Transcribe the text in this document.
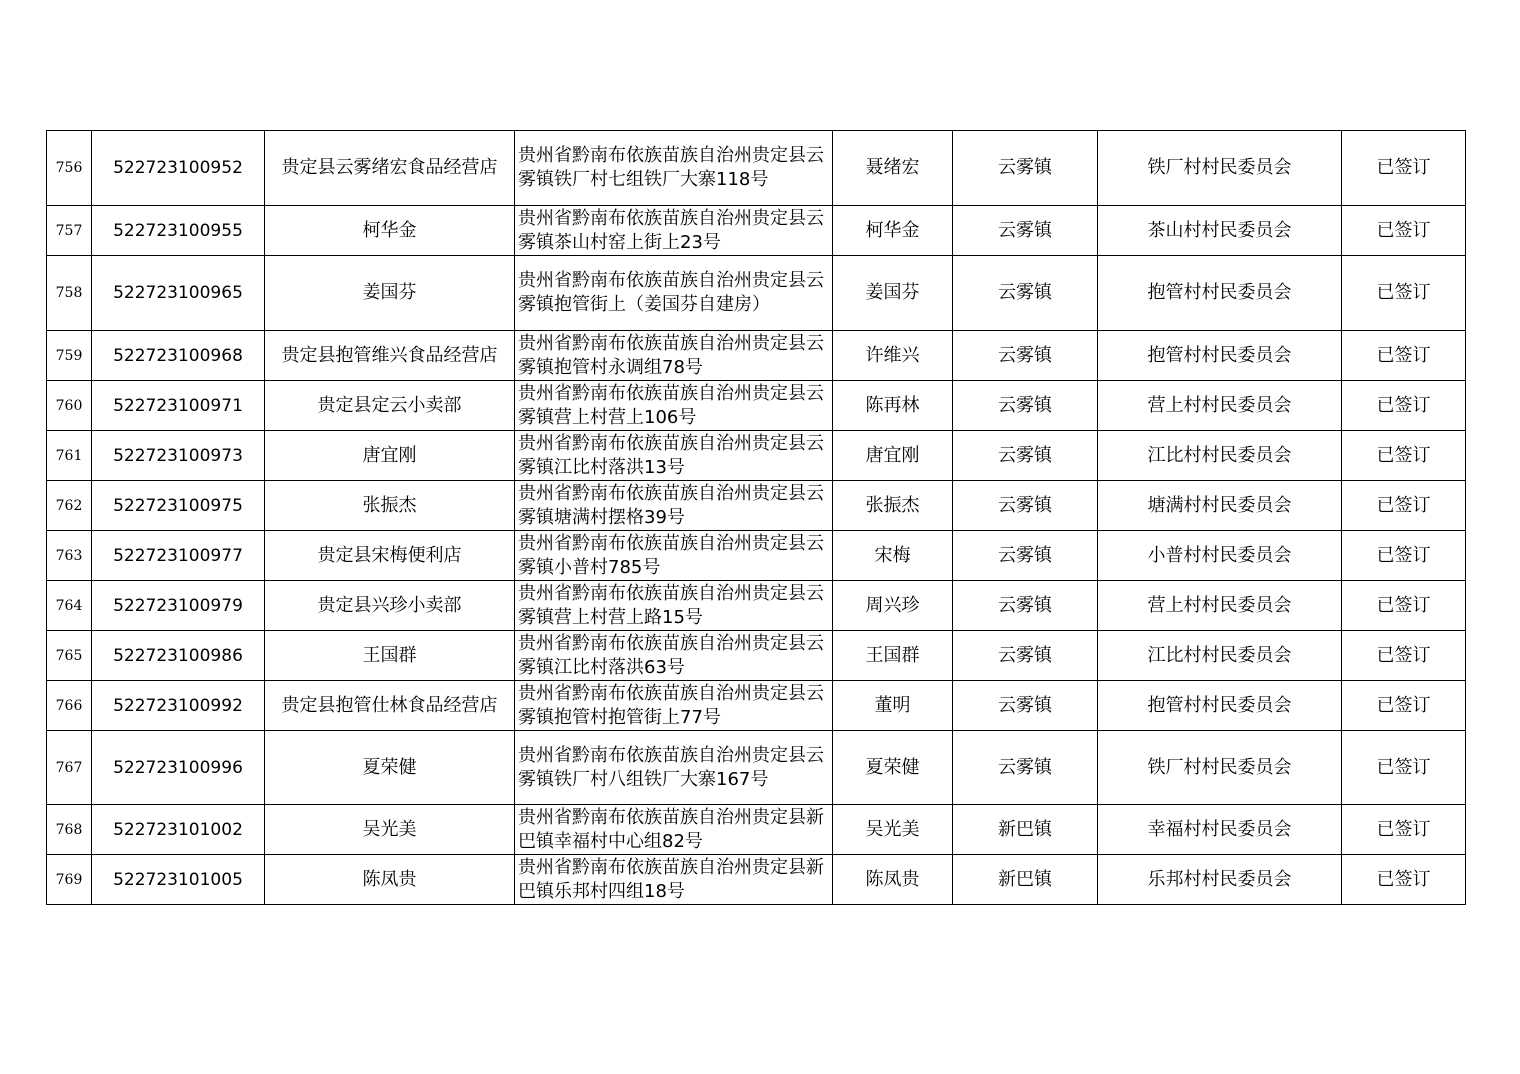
756	522723100952	贵定县云雾绪宏食品经营店	贵州省黔南布依族苗族自治州贵定县云雾镇铁厂村七组铁厂大寨118号	聂绪宏	云雾镇	铁厂村村民委员会	已签订
757	522723100955	柯华金	贵州省黔南布依族苗族自治州贵定县云雾镇茶山村窑上街上23号	柯华金	云雾镇	茶山村村民委员会	已签订
758	522723100965	姜国芬	贵州省黔南布依族苗族自治州贵定县云雾镇抱管街上（姜国芬自建房）	姜国芬	云雾镇	抱管村村民委员会	已签订
759	522723100968	贵定县抱管维兴食品经营店	贵州省黔南布依族苗族自治州贵定县云雾镇抱管村永调组78号	许维兴	云雾镇	抱管村村民委员会	已签订
760	522723100971	贵定县定云小卖部	贵州省黔南布依族苗族自治州贵定县云雾镇营上村营上106号	陈再林	云雾镇	营上村村民委员会	已签订
761	522723100973	唐宜刚	贵州省黔南布依族苗族自治州贵定县云雾镇江比村落洪13号	唐宜刚	云雾镇	江比村村民委员会	已签订
762	522723100975	张振杰	贵州省黔南布依族苗族自治州贵定县云雾镇塘满村摆格39号	张振杰	云雾镇	塘满村村民委员会	已签订
763	522723100977	贵定县宋梅便利店	贵州省黔南布依族苗族自治州贵定县云雾镇小普村785号	宋梅	云雾镇	小普村村民委员会	已签订
764	522723100979	贵定县兴珍小卖部	贵州省黔南布依族苗族自治州贵定县云雾镇营上村营上路15号	周兴珍	云雾镇	营上村村民委员会	已签订
765	522723100986	王国群	贵州省黔南布依族苗族自治州贵定县云雾镇江比村落洪63号	王国群	云雾镇	江比村村民委员会	已签订
766	522723100992	贵定县抱管仕林食品经营店	贵州省黔南布依族苗族自治州贵定县云雾镇抱管村抱管街上77号	董明	云雾镇	抱管村村民委员会	已签订
767	522723100996	夏荣健	贵州省黔南布依族苗族自治州贵定县云雾镇铁厂村八组铁厂大寨167号	夏荣健	云雾镇	铁厂村村民委员会	已签订
768	522723101002	吴光美	贵州省黔南布依族苗族自治州贵定县新巴镇幸福村中心组82号	吴光美	新巴镇	幸福村村民委员会	已签订
769	522723101005	陈凤贵	贵州省黔南布依族苗族自治州贵定县新巴镇乐邦村四组18号	陈凤贵	新巴镇	乐邦村村民委员会	已签订
